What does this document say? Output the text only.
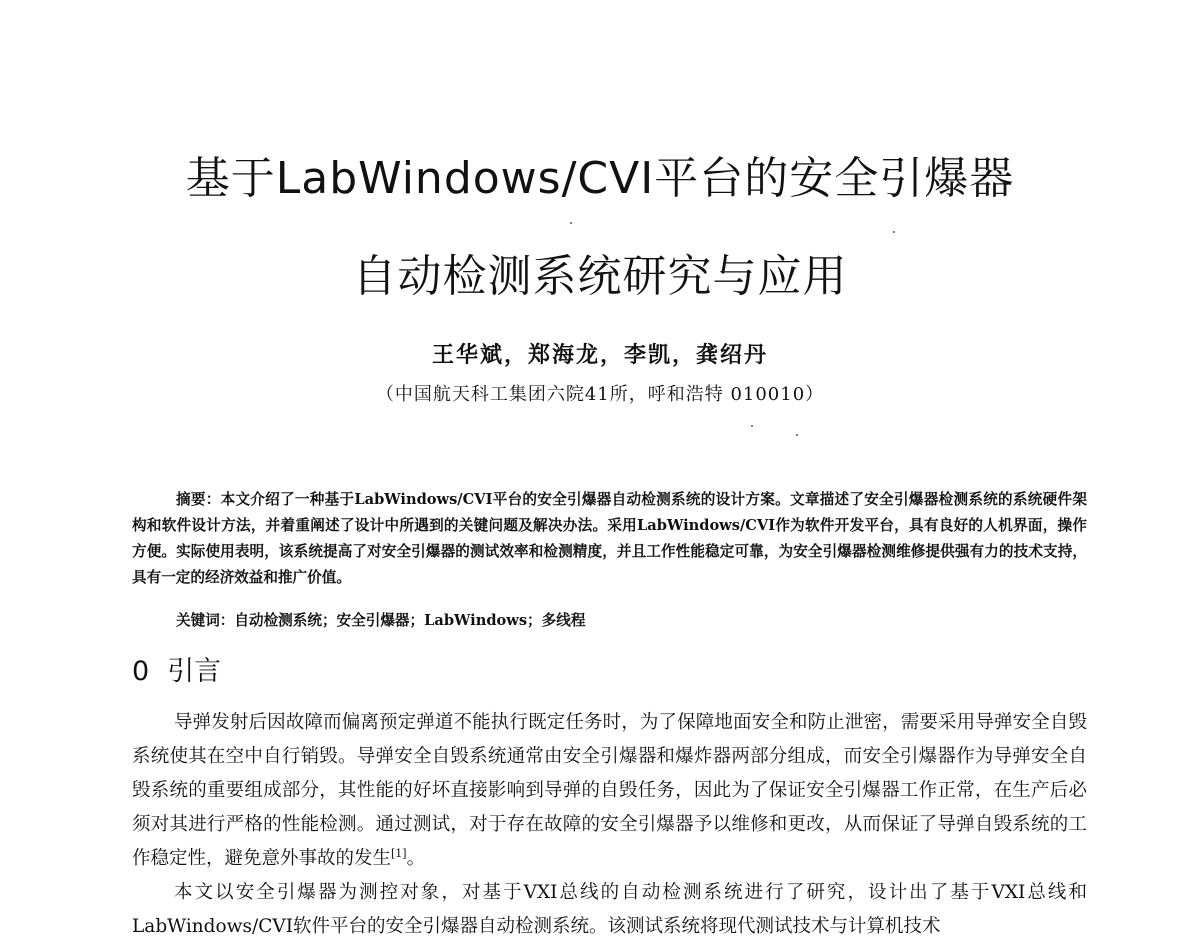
基于LabWindows/CVI平台的安全引爆器
自动检测系统研究与应用
王华斌，郑海龙，李凯，龚绍丹
（中国航天科工集团六院41所，呼和浩特 010010）
摘要：本文介绍了一种基于LabWindows/CVI平台的安全引爆器自动检测系统的设计方案。文章描述了安全引爆器检测系统的系统硬件架构和软件设计方法，并着重阐述了设计中所遇到的关键问题及解决办法。采用LabWindows/CVI作为软件开发平台，具有良好的人机界面，操作方便。实际使用表明，该系统提高了对安全引爆器的测试效率和检测精度，并且工作性能稳定可靠，为安全引爆器检测维修提供强有力的技术支持，具有一定的经济效益和推广价值。
关键词：自动检测系统；安全引爆器；LabWindows；多线程
0 引言

导弹发射后因故障而偏离预定弹道不能执行既定任务时，为了保障地面安全和防止泄密，需要采用导弹安全自毁系统使其在空中自行销毁。导弹安全自毁系统通常由安全引爆器和爆炸器两部分组成，而安全引爆器作为导弹安全自毁系统的重要组成部分，其性能的好坏直接影响到导弹的自毁任务，因此为了保证安全引爆器工作正常，在生产后必须对其进行严格的性能检测。通过测试，对于存在故障的安全引爆器予以维修和更改，从而保证了导弹自毁系统的工作稳定性，避免意外事故的发生[1]。

本文以安全引爆器为测控对象，对基于VXI总线的自动检测系统进行了研究，设计出了基于VXI总线和LabWindows/CVI软件平台的安全引爆器自动检测系统。该测试系统将现代测试技术与计算机技术
